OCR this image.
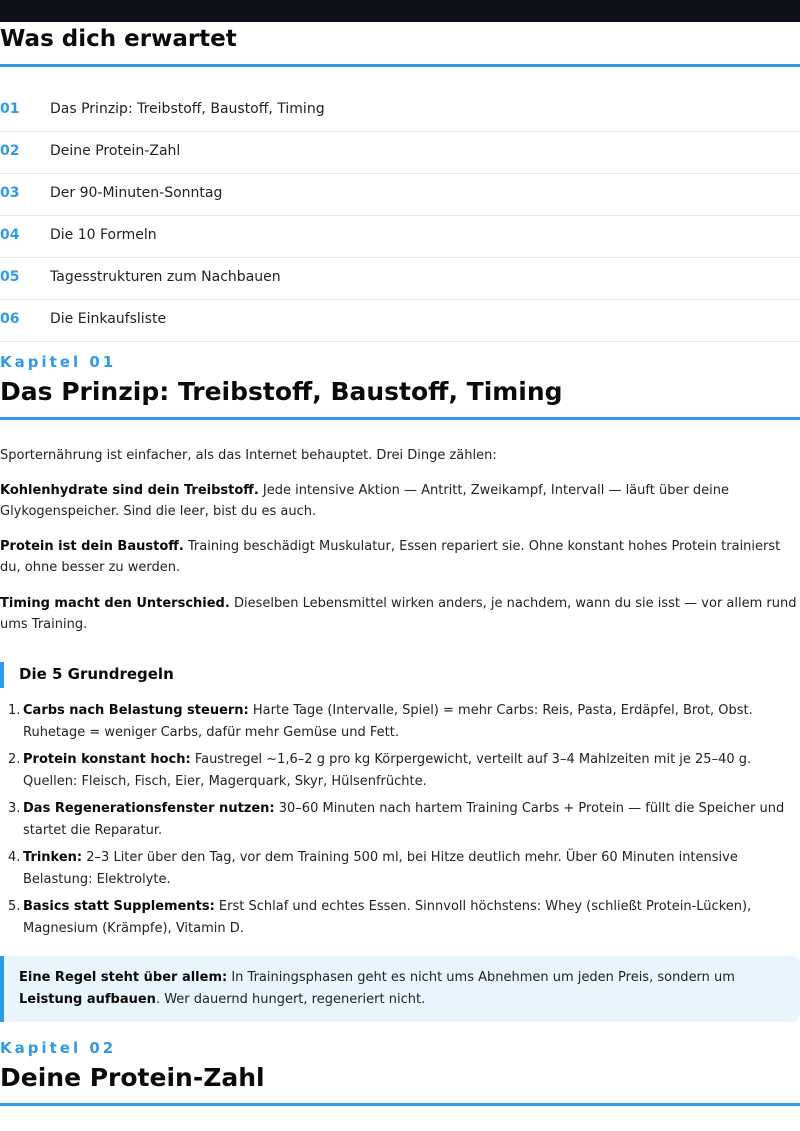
Was dich erwartet
01 Das Prinzip: Treibstoff, Baustoff, Timing
02 Deine Protein-Zahl
03 Der 90-Minuten-Sonntag
04 Die 10 Formeln
05 Tagesstrukturen zum Nachbauen
06 Die Einkaufsliste
Kapitel 01
Das Prinzip: Treibstoff, Baustoff, Timing

Sporternährung ist einfacher, als das Internet behauptet. Drei Dinge zählen:

Kohlenhydrate sind dein Treibstoff. Jede intensive Aktion — Antritt, Zweikampf, Intervall — läuft über deine Glykogenspeicher. Sind die leer, bist du es auch.

Protein ist dein Baustoff. Training beschädigt Muskulatur, Essen repariert sie. Ohne konstant hohes Protein trainierst du, ohne besser zu werden.

Timing macht den Unterschied. Dieselben Lebensmittel wirken anders, je nachdem, wann du sie isst — vor allem rund ums Training.

Die 5 Grundregeln
1. Carbs nach Belastung steuern: Harte Tage (Intervalle, Spiel) = mehr Carbs: Reis, Pasta, Erdäpfel, Brot, Obst. Ruhetage = weniger Carbs, dafür mehr Gemüse und Fett.
2. Protein konstant hoch: Faustregel ~1,6–2 g pro kg Körpergewicht, verteilt auf 3–4 Mahlzeiten mit je 25–40 g. Quellen: Fleisch, Fisch, Eier, Magerquark, Skyr, Hülsenfrüchte.
3. Das Regenerationsfenster nutzen: 30–60 Minuten nach hartem Training Carbs + Protein — füllt die Speicher und startet die Reparatur.
4. Trinken: 2–3 Liter über den Tag, vor dem Training 500 ml, bei Hitze deutlich mehr. Über 60 Minuten intensive Belastung: Elektrolyte.
5. Basics statt Supplements: Erst Schlaf und echtes Essen. Sinnvoll höchstens: Whey (schließt Protein-Lücken), Magnesium (Krämpfe), Vitamin D.
Eine Regel steht über allem: In Trainingsphasen geht es nicht ums Abnehmen um jeden Preis, sondern um Leistung aufbauen. Wer dauernd hungert, regeneriert nicht.
Kapitel 02
Deine Protein-Zahl
